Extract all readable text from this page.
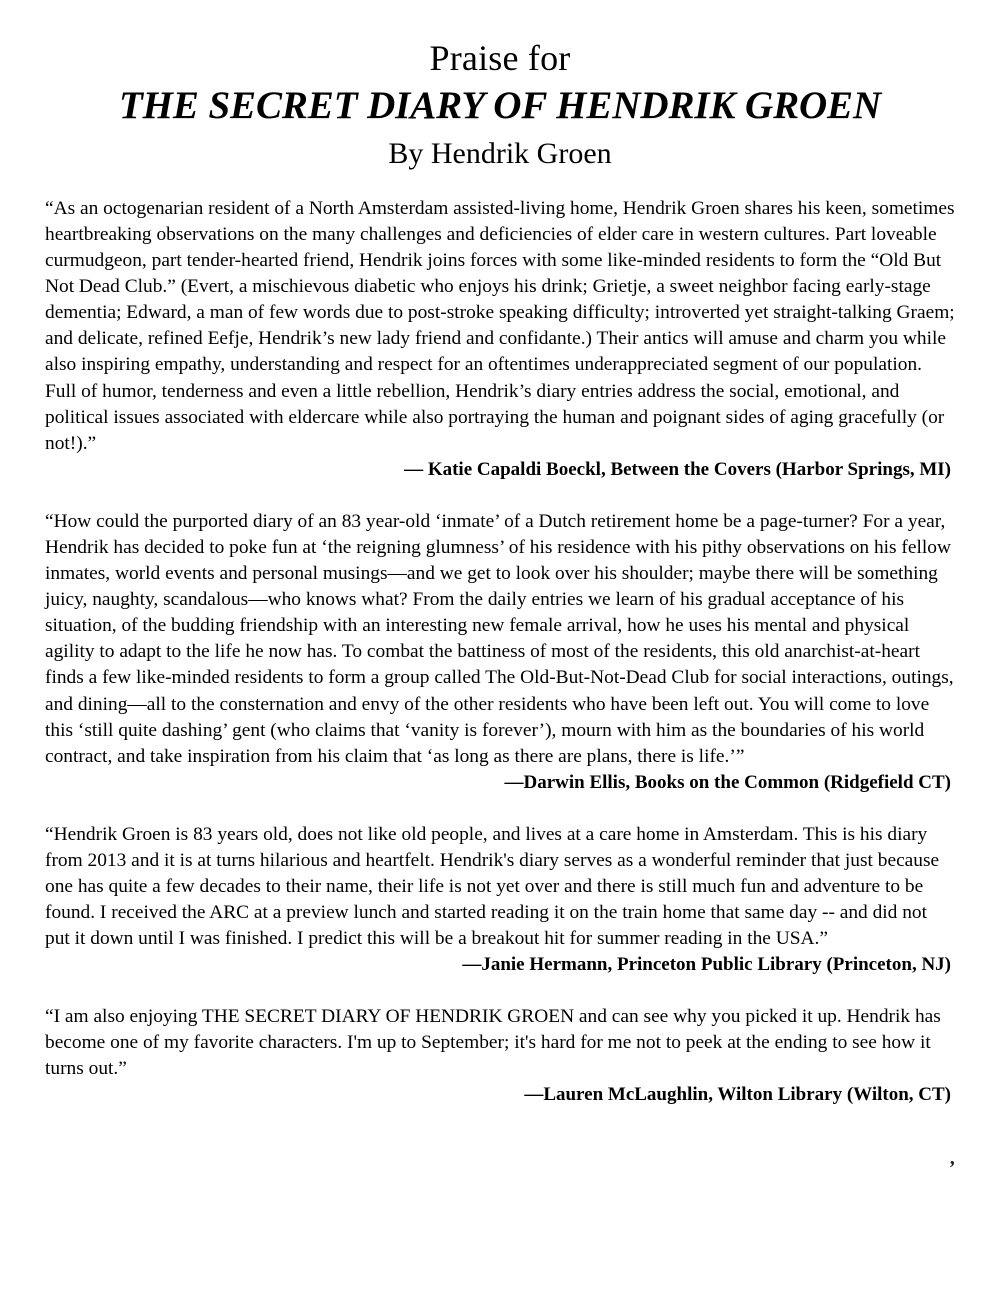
Praise for
THE SECRET DIARY OF HENDRIK GROEN
By Hendrik Groen

“As an octogenarian resident of a North Amsterdam assisted-living home, Hendrik Groen shares his keen, sometimes heartbreaking observations on the many challenges and deficiencies of elder care in western cultures. Part loveable curmudgeon, part tender-hearted friend, Hendrik joins forces with some like-minded residents to form the “Old But Not Dead Club.” (Evert, a mischievous diabetic who enjoys his drink; Grietje, a sweet neighbor facing early-stage dementia; Edward, a man of few words due to post-stroke speaking difficulty; introverted yet straight-talking Graem; and delicate, refined Eefje, Hendrik’s new lady friend and confidante.) Their antics will amuse and charm you while also inspiring empathy, understanding and respect for an oftentimes underappreciated segment of our population. Full of humor, tenderness and even a little rebellion, Hendrik’s diary entries address the social, emotional, and political issues associated with eldercare while also portraying the human and poignant sides of aging gracefully (or not!).”

— Katie Capaldi Boeckl, Between the Covers (Harbor Springs, MI)

“How could the purported diary of an 83 year-old ‘inmate’ of a Dutch retirement home be a page-turner? For a year, Hendrik has decided to poke fun at ‘the reigning glumness’ of his residence with his pithy observations on his fellow inmates, world events and personal musings—and we get to look over his shoulder; maybe there will be something juicy, naughty, scandalous—who knows what? From the daily entries we learn of his gradual acceptance of his situation, of the budding friendship with an interesting new female arrival, how he uses his mental and physical agility to adapt to the life he now has. To combat the battiness of most of the residents, this old anarchist-at-heart finds a few like-minded residents to form a group called The Old-But-Not-Dead Club for social interactions, outings, and dining—all to the consternation and envy of the other residents who have been left out. You will come to love this ‘still quite dashing’ gent (who claims that ‘vanity is forever’), mourn with him as the boundaries of his world contract, and take inspiration from his claim that ‘as long as there are plans, there is life.’”

—Darwin Ellis, Books on the Common (Ridgefield CT)

“Hendrik Groen is 83 years old, does not like old people, and lives at a care home in Amsterdam. This is his diary from 2013 and it is at turns hilarious and heartfelt. Hendrik's diary serves as a wonderful reminder that just because one has quite a few decades to their name, their life is not yet over and there is still much fun and adventure to be found. I received the ARC at a preview lunch and started reading it on the train home that same day -- and did not put it down until I was finished. I predict this will be a breakout hit for summer reading in the USA.”

—Janie Hermann, Princeton Public Library (Princeton, NJ)

“I am also enjoying THE SECRET DIARY OF HENDRIK GROEN and can see why you picked it up. Hendrik has become one of my favorite characters. I'm up to September; it's hard for me not to peek at the ending to see how it turns out.”

—Lauren McLaughlin, Wilton Library (Wilton, CT)

’
